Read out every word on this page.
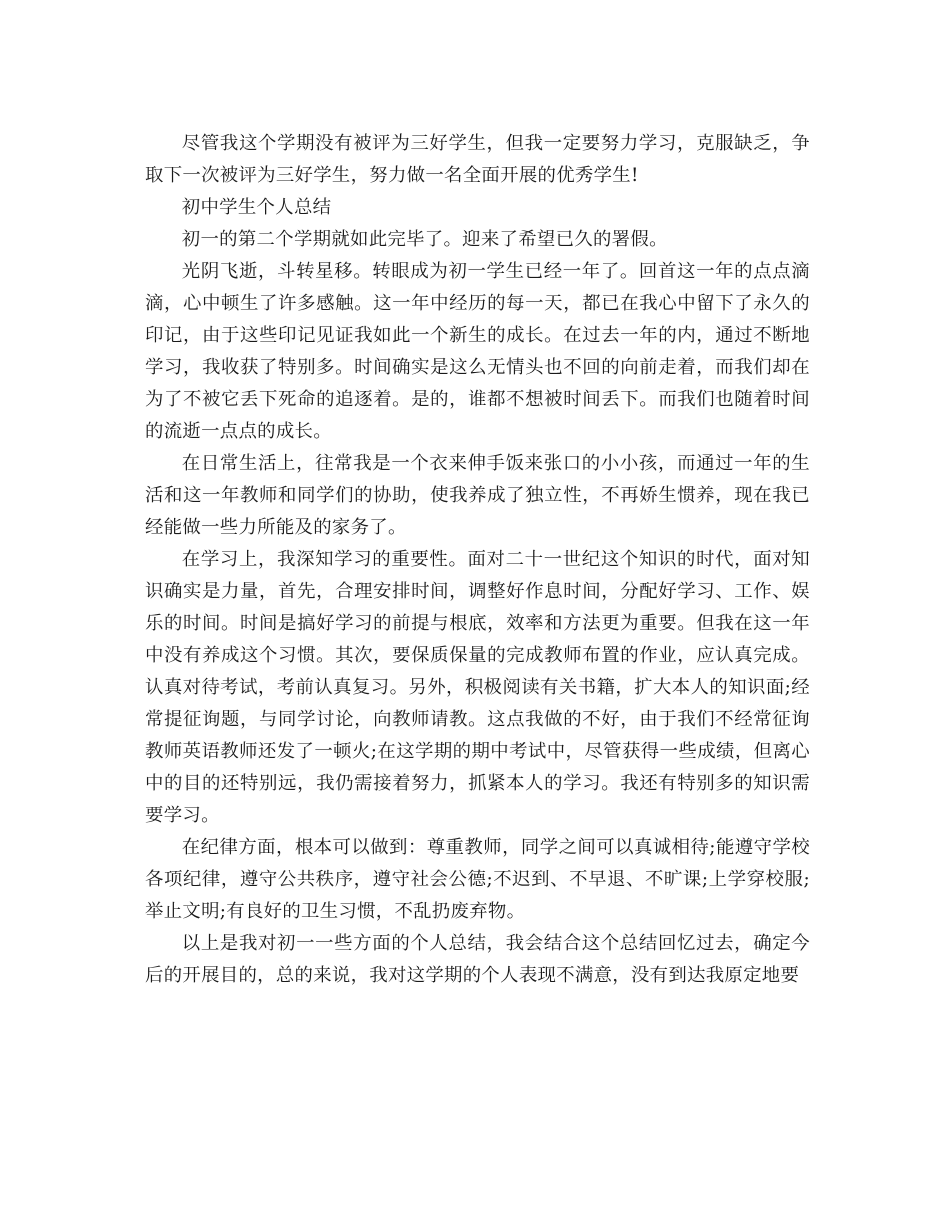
尽管我这个学期没有被评为三好学生，但我一定要努力学习，克服缺乏，争取下一次被评为三好学生，努力做一名全面开展的优秀学生!

初中学生个人总结

初一的第二个学期就如此完毕了。迎来了希望已久的署假。

光阴飞逝，斗转星移。转眼成为初一学生已经一年了。回首这一年的点点滴滴，心中顿生了许多感触。这一年中经历的每一天，都已在我心中留下了永久的印记，由于这些印记见证我如此一个新生的成长。在过去一年的内，通过不断地学习，我收获了特别多。时间确实是这么无情头也不回的向前走着，而我们却在为了不被它丢下死命的追逐着。是的，谁都不想被时间丢下。而我们也随着时间的流逝一点点的成长。

在日常生活上，往常我是一个衣来伸手饭来张口的小小孩，而通过一年的生活和这一年教师和同学们的协助，使我养成了独立性，不再娇生惯养，现在我已经能做一些力所能及的家务了。

在学习上，我深知学习的重要性。面对二十一世纪这个知识的时代，面对知识确实是力量，首先，合理安排时间，调整好作息时间，分配好学习、工作、娱乐的时间。时间是搞好学习的前提与根底，效率和方法更为重要。但我在这一年中没有养成这个习惯。其次，要保质保量的完成教师布置的作业，应认真完成。认真对待考试，考前认真复习。另外，积极阅读有关书籍，扩大本人的知识面;经常提征询题，与同学讨论，向教师请教。这点我做的不好，由于我们不经常征询教师英语教师还发了一顿火;在这学期的期中考试中，尽管获得一些成绩，但离心中的目的还特别远，我仍需接着努力，抓紧本人的学习。我还有特别多的知识需要学习。

在纪律方面，根本可以做到：尊重教师，同学之间可以真诚相待;能遵守学校各项纪律，遵守公共秩序，遵守社会公德;不迟到、不早退、不旷课;上学穿校服;举止文明;有良好的卫生习惯，不乱扔废弃物。

以上是我对初一一些方面的个人总结，我会结合这个总结回忆过去，确定今后的开展目的，总的来说，我对这学期的个人表现不满意，没有到达我原定地要
